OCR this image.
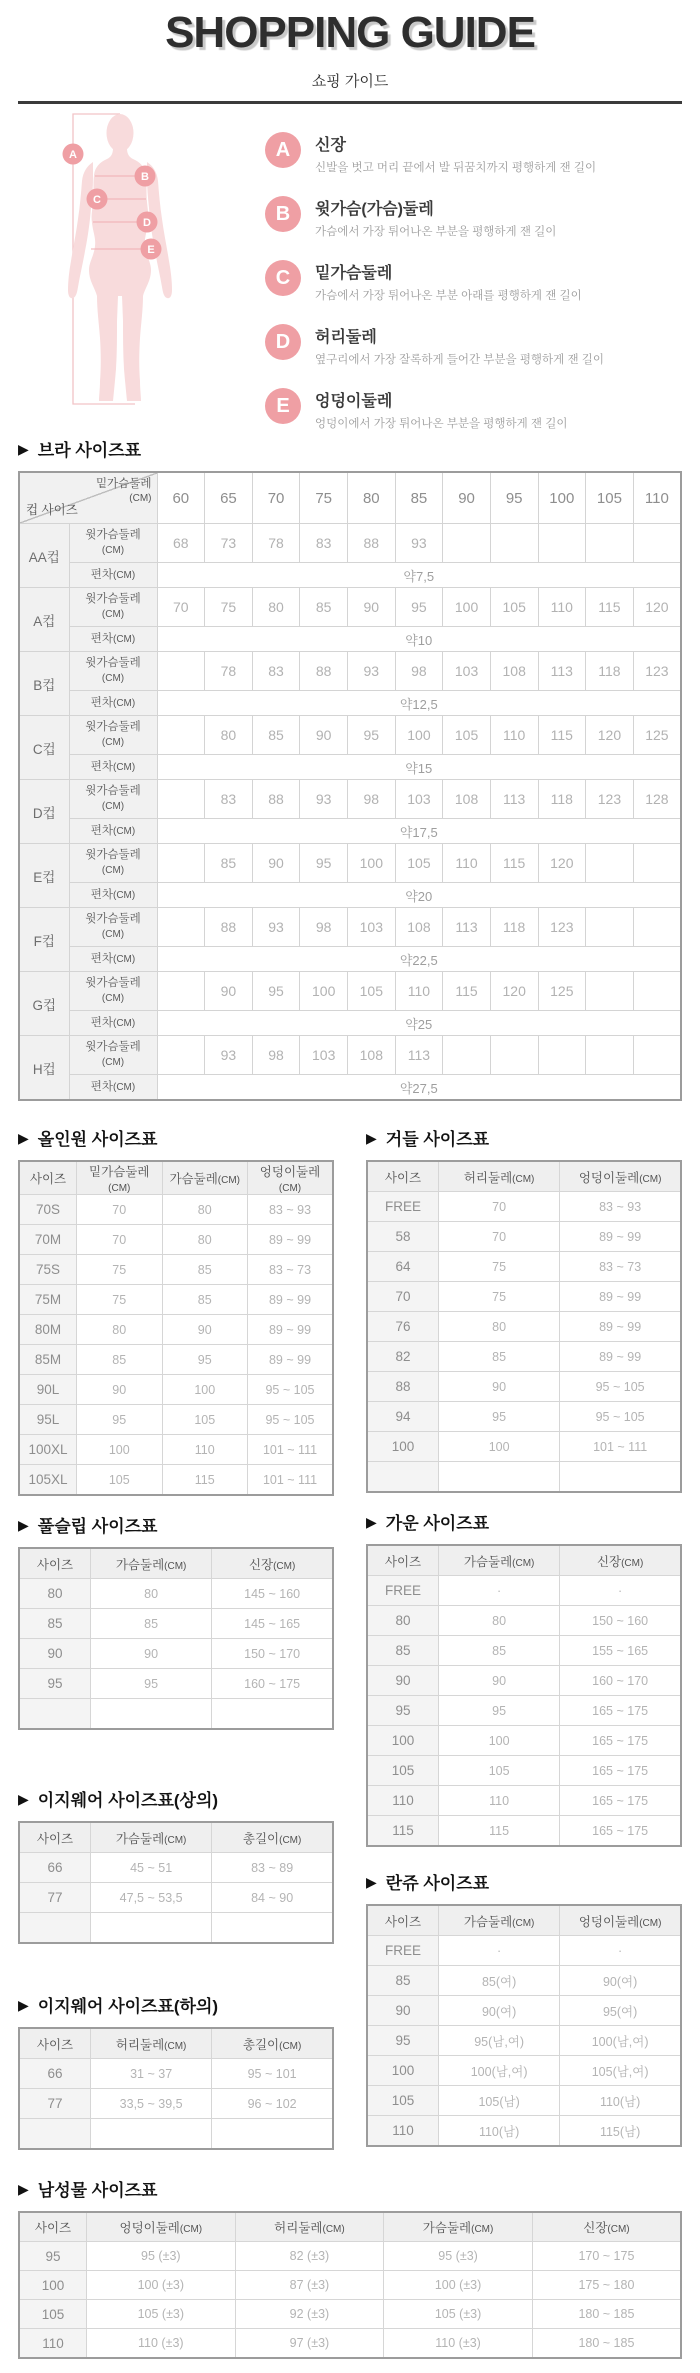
SHOPPING GUIDE
쇼핑 가이드
A
B
C
D
E
A	신장
신발을 벗고 머리 끝에서 발 뒤꿈치까지 평행하게 잰 길이
B	윗가슴(가슴)둘레
가슴에서 가장 튀어나온 부분을 평행하게 잰 길이
C	밑가슴둘레
가슴에서 가장 튀어나온 부분 아래를 평행하게 잰 길이
D	허리둘레
옆구리에서 가장 잘록하게 들어간 부분을 평행하게 잰 길이
E	엉덩이둘레
엉덩이에서 가장 튀어나온 부분을 평행하게 잰 길이
▶ 브라 사이즈표
밑가슴둘레(CM)
컵 사이즈		60	65	70	75	80	85	90	95	100	105	110
AA컵	윗가슴둘레(CM)	68	73	78	83	88	93					
	편차(CM)	약7,5										
A컵	윗가슴둘레(CM)	70	75	80	85	90	95	100	105	110	115	120
	편차(CM)	약10										
B컵	윗가슴둘레(CM)		78	83	88	93	98	103	108	113	118	123
	편차(CM)	약12,5										
C컵	윗가슴둘레(CM)		80	85	90	95	100	105	110	115	120	125
	편차(CM)	약15										
D컵	윗가슴둘레(CM)		83	88	93	98	103	108	113	118	123	128
	편차(CM)	약17,5										
E컵	윗가슴둘레(CM)		85	90	95	100	105	110	115	120		
	편차(CM)	약20										
F컵	윗가슴둘레(CM)		88	93	98	103	108	113	118	123		
	편차(CM)	약22,5										
G컵	윗가슴둘레(CM)		90	95	100	105	110	115	120	125		
	편차(CM)	약25										
H컵	윗가슴둘레(CM)		93	98	103	108	113					
	편차(CM)	약27,5										
▶ 올인원 사이즈표
사이즈	밑가슴둘레(CM)	가슴둘레(CM)	엉덩이둘레(CM)
70S	70	80	83 ~ 93
70M	70	80	89 ~ 99
75S	75	85	83 ~ 73
75M	75	85	89 ~ 99
80M	80	90	89 ~ 99
85M	85	95	89 ~ 99
90L	90	100	95 ~ 105
95L	95	105	95 ~ 105
100XL	100	110	101 ~ 111
105XL	105	115	101 ~ 111
▶ 풀슬립 사이즈표
사이즈	가슴둘레(CM)	신장(CM)
80	80	145 ~ 160
85	85	145 ~ 165
90	90	150 ~ 170
95	95	160 ~ 175

▶ 이지웨어 사이즈표(상의)
사이즈	가슴둘레(CM)	총길이(CM)
66	45 ~ 51	83 ~ 89
77	47,5 ~ 53,5	84 ~ 90

▶ 이지웨어 사이즈표(하의)
사이즈	허리둘레(CM)	총길이(CM)
66	31 ~ 37	95 ~ 101
77	33,5 ~ 39,5	96 ~ 102

▶ 거들 사이즈표
사이즈	허리둘레(CM)	엉덩이둘레(CM)
FREE	70	83 ~ 93
58	70	89 ~ 99
64	75	83 ~ 73
70	75	89 ~ 99
76	80	89 ~ 99
82	85	89 ~ 99
88	90	95 ~ 105
94	95	95 ~ 105
100	100	101 ~ 111

▶ 가운 사이즈표
사이즈	가슴둘레(CM)	신장(CM)
FREE	·	·
80	80	150 ~ 160
85	85	155 ~ 165
90	90	160 ~ 170
95	95	165 ~ 175
100	100	165 ~ 175
105	105	165 ~ 175
110	110	165 ~ 175
115	115	165 ~ 175
▶ 란쥬 사이즈표
사이즈	가슴둘레(CM)	엉덩이둘레(CM)
FREE	·	·
85	85(여)	90(여)
90	90(여)	95(여)
95	95(남,여)	100(남,여)
100	100(남,여)	105(남,여)
105	105(남)	110(남)
110	110(남)	115(남)
▶ 남성물 사이즈표
사이즈	엉덩이둘레(CM)	허리둘레(CM)	가슴둘레(CM)	신장(CM)
95	95 (±3)	82 (±3)	95 (±3)	170 ~ 175
100	100 (±3)	87 (±3)	100 (±3)	175 ~ 180
105	105 (±3)	92 (±3)	105 (±3)	180 ~ 185
110	110 (±3)	97 (±3)	110 (±3)	180 ~ 185
